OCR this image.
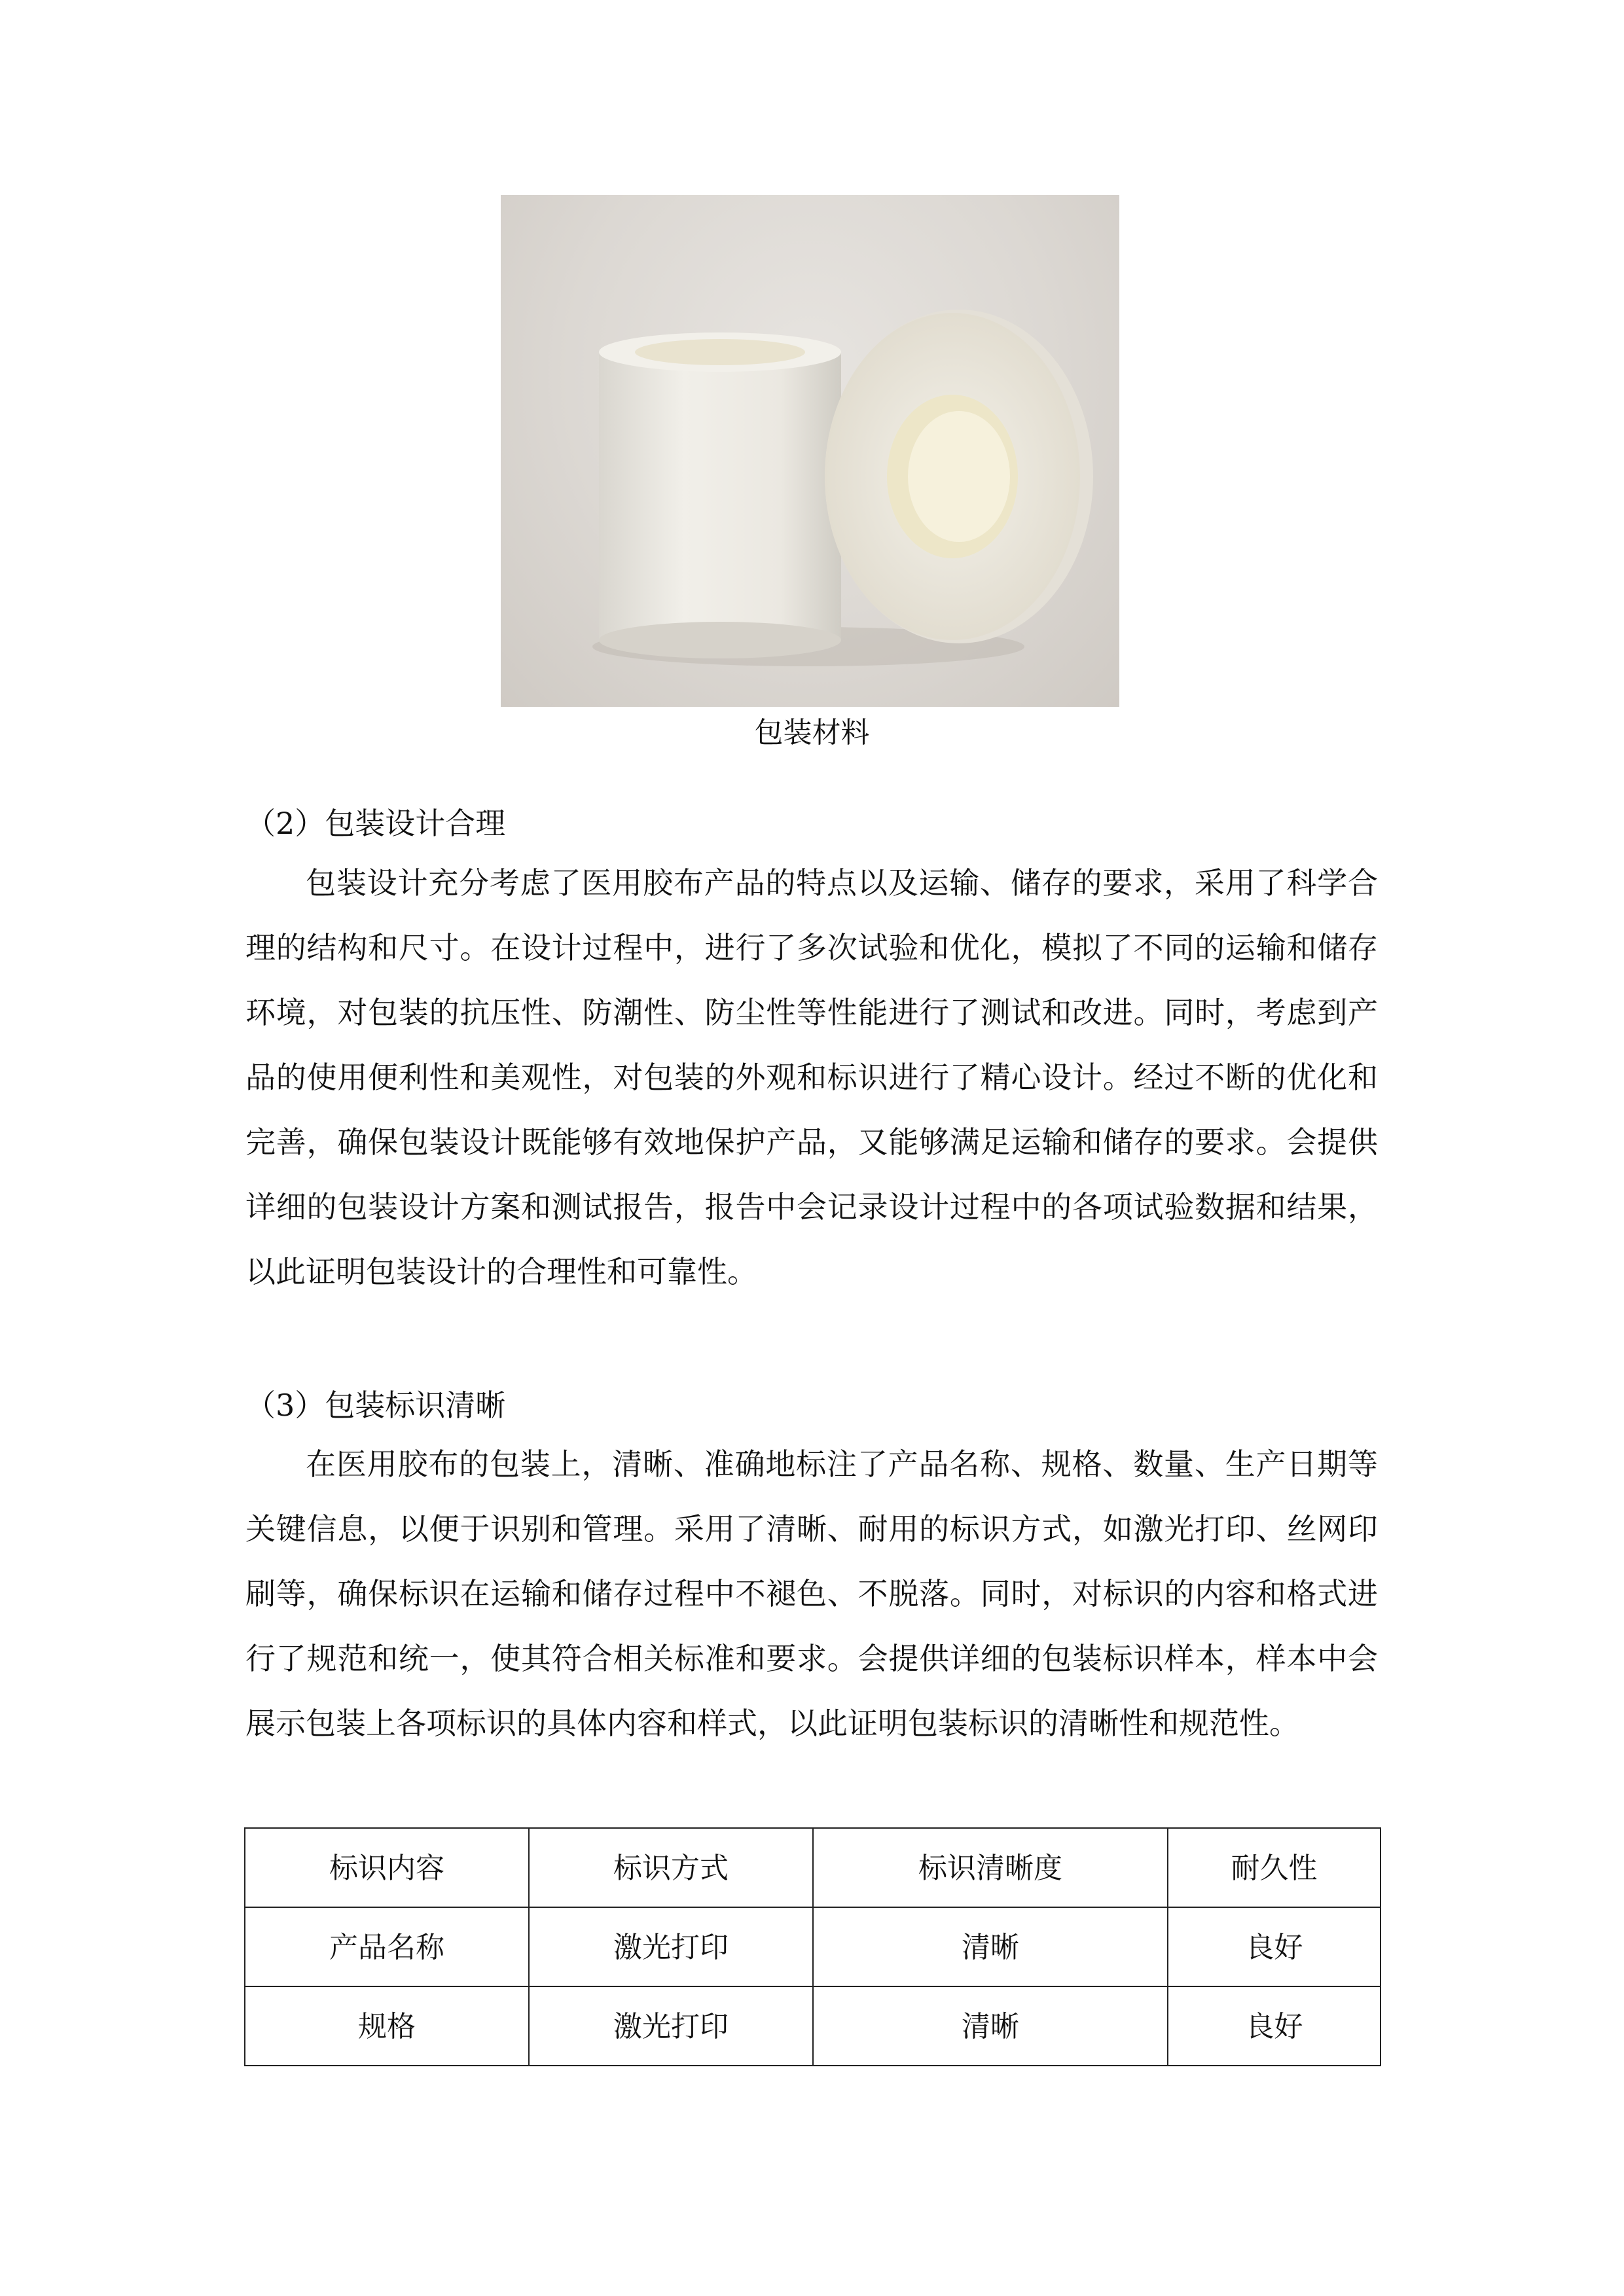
包装材料
（2）包装设计合理

包装设计充分考虑了医用胶布产品的特点以及运输、储存的要求，采用了科学合理的结构和尺寸。在设计过程中，进行了多次试验和优化，模拟了不同的运输和储存环境，对包装的抗压性、防潮性、防尘性等性能进行了测试和改进。同时，考虑到产品的使用便利性和美观性，对包装的外观和标识进行了精心设计。经过不断的优化和完善，确保包装设计既能够有效地保护产品，又能够满足运输和储存的要求。会提供详细的包装设计方案和测试报告，报告中会记录设计过程中的各项试验数据和结果，以此证明包装设计的合理性和可靠性。

（3）包装标识清晰

在医用胶布的包装上，清晰、准确地标注了产品名称、规格、数量、生产日期等关键信息，以便于识别和管理。采用了清晰、耐用的标识方式，如激光打印、丝网印刷等，确保标识在运输和储存过程中不褪色、不脱落。同时，对标识的内容和格式进行了规范和统一，使其符合相关标准和要求。会提供详细的包装标识样本，样本中会展示包装上各项标识的具体内容和样式，以此证明包装标识的清晰性和规范性。

标识内容	标识方式	标识清晰度	耐久性
产品名称	激光打印	清晰	良好
规格	激光打印	清晰	良好
